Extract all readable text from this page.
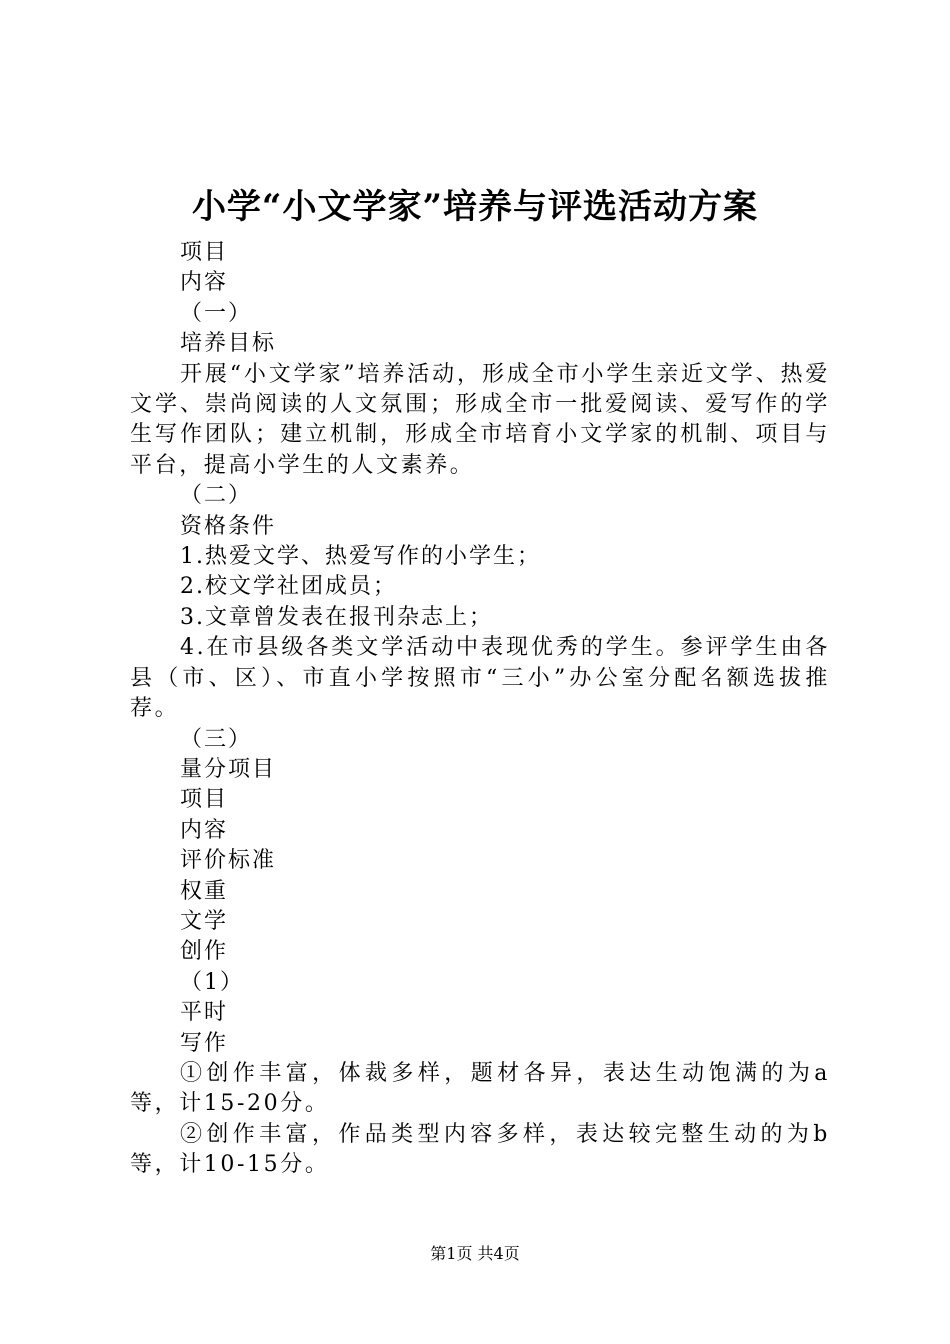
小学“小文学家”培养与评选活动方案

项目

内容

（一）

培养目标

开展“小文学家”培养活动，形成全市小学生亲近文学、热爱文学、崇尚阅读的人文氛围；形成全市一批爱阅读、爱写作的学生写作团队；建立机制，形成全市培育小文学家的机制、项目与平台，提高小学生的人文素养。

（二）

资格条件

1.热爱文学、热爱写作的小学生；

2.校文学社团成员；

3.文章曾发表在报刊杂志上；

4.在市县级各类文学活动中表现优秀的学生。参评学生由各县（市、区）、市直小学按照市“三小”办公室分配名额选拔推荐。

（三）

量分项目

项目

内容

评价标准

权重

文学

创作

（1）

平时

写作

①创作丰富，体裁多样，题材各异，表达生动饱满的为a等，计15-20分。

②创作丰富，作品类型内容多样，表达较完整生动的为b等，计10-15分。

第1页 共4页
